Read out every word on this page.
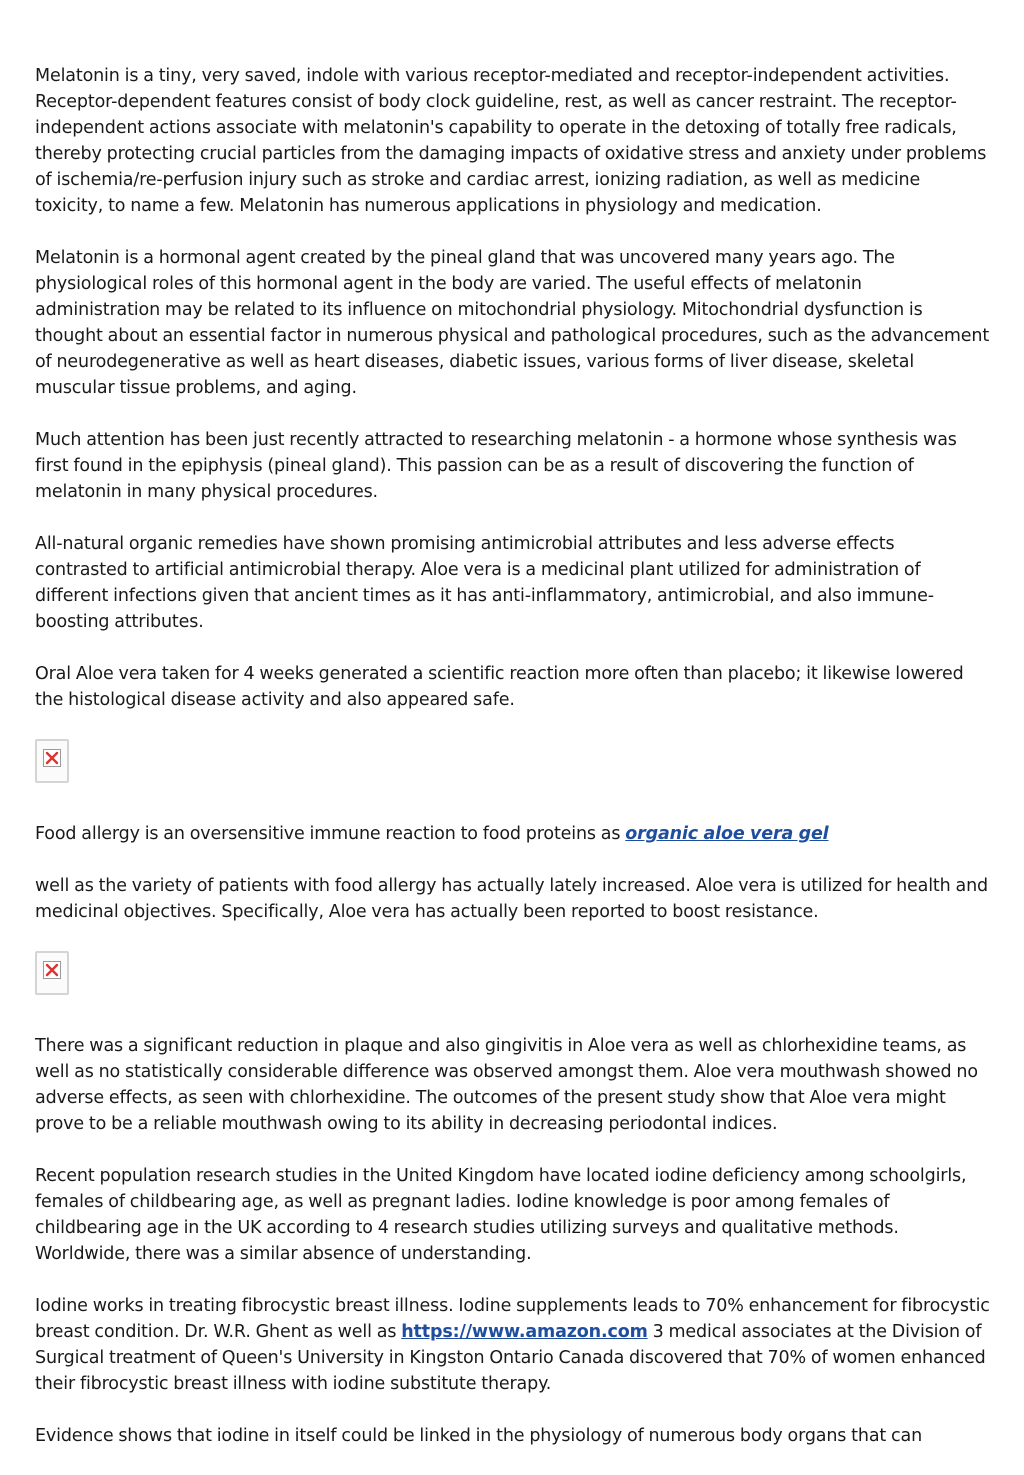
Melatonin is a tiny, very saved, indole with various receptor-mediated and receptor-independent activities. Receptor-dependent features consist of body clock guideline, rest, as well as cancer restraint. The receptor-independent actions associate with melatonin's capability to operate in the detoxing of totally free radicals, thereby protecting crucial particles from the damaging impacts of oxidative stress and anxiety under problems of ischemia/re-perfusion injury such as stroke and cardiac arrest, ionizing radiation, as well as medicine toxicity, to name a few. Melatonin has numerous applications in physiology and medication.

Melatonin is a hormonal agent created by the pineal gland that was uncovered many years ago. The physiological roles of this hormonal agent in the body are varied. The useful effects of melatonin administration may be related to its influence on mitochondrial physiology. Mitochondrial dysfunction is thought about an essential factor in numerous physical and pathological procedures, such as the advancement of neurodegenerative as well as heart diseases, diabetic issues, various forms of liver disease, skeletal muscular tissue problems, and aging.

Much attention has been just recently attracted to researching melatonin - a hormone whose synthesis was first found in the epiphysis (pineal gland). This passion can be as a result of discovering the function of melatonin in many physical procedures.

All-natural organic remedies have shown promising antimicrobial attributes and less adverse effects contrasted to artificial antimicrobial therapy. Aloe vera is a medicinal plant utilized for administration of different infections given that ancient times as it has anti-inflammatory, antimicrobial, and also immune-boosting attributes.

Oral Aloe vera taken for 4 weeks generated a scientific reaction more often than placebo; it likewise lowered the histological disease activity and also appeared safe.

Food allergy is an oversensitive immune reaction to food proteins as organic aloe vera gel

well as the variety of patients with food allergy has actually lately increased. Aloe vera is utilized for health and medicinal objectives. Specifically, Aloe vera has actually been reported to boost resistance.

There was a significant reduction in plaque and also gingivitis in Aloe vera as well as chlorhexidine teams, as well as no statistically considerable difference was observed amongst them. Aloe vera mouthwash showed no adverse effects, as seen with chlorhexidine. The outcomes of the present study show that Aloe vera might prove to be a reliable mouthwash owing to its ability in decreasing periodontal indices.

Recent population research studies in the United Kingdom have located iodine deficiency among schoolgirls, females of childbearing age, as well as pregnant ladies. Iodine knowledge is poor among females of childbearing age in the UK according to 4 research studies utilizing surveys and qualitative methods. Worldwide, there was a similar absence of understanding.

Iodine works in treating fibrocystic breast illness. Iodine supplements leads to 70% enhancement for fibrocystic breast condition. Dr. W.R. Ghent as well as https://www.amazon.com 3 medical associates at the Division of Surgical treatment of Queen's University in Kingston Ontario Canada discovered that 70% of women enhanced their fibrocystic breast illness with iodine substitute therapy.

Evidence shows that iodine in itself could be linked in the physiology of numerous body organs that can
